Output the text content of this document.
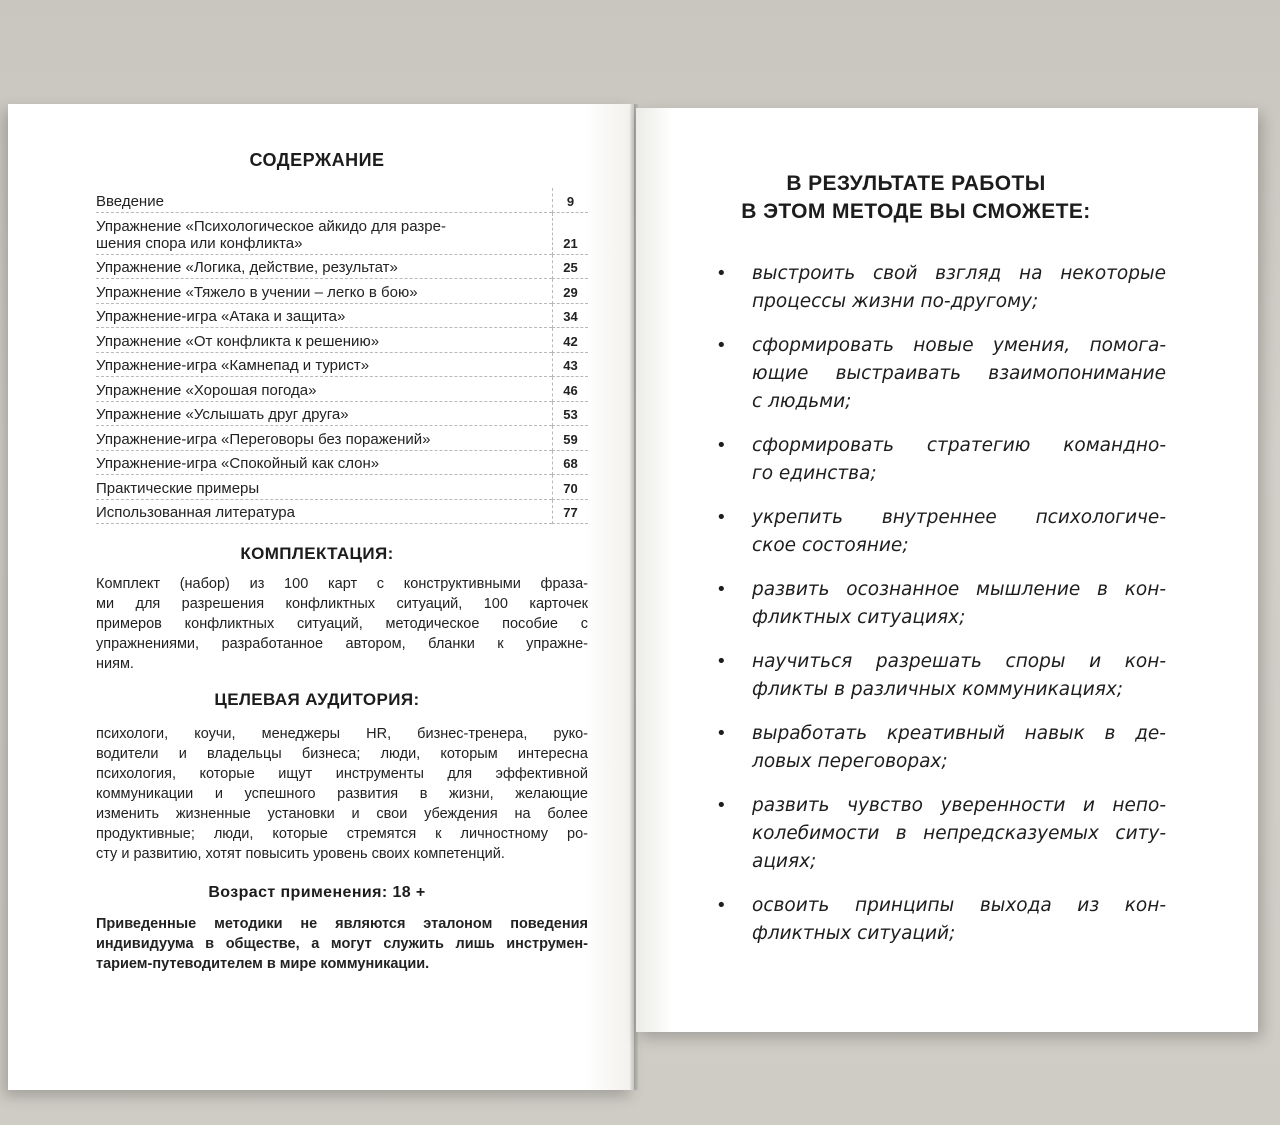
СОДЕРЖАНИЕ
Введение	9
Упражнение «Психологическое айкидо для разре-
шения спора или конфликта»	21
Упражнение «Логика, действие, результат»	25
Упражнение «Тяжело в учении – легко в бою»	29
Упражнение-игра «Атака и защита»	34
Упражнение «От конфликта к решению»	42
Упражнение-игра «Камнепад и турист»	43
Упражнение «Хорошая погода»	46
Упражнение «Услышать друг друга»	53
Упражнение-игра «Переговоры без поражений»	59
Упражнение-игра «Спокойный как слон»	68
Практические примеры	70
Использованная литература	77
КОМПЛЕКТАЦИЯ:
Комплект (набор) из 100 карт с конструктивными фраза-
ми для разрешения конфликтных ситуаций, 100 карточек
примеров конфликтных ситуаций, методическое пособие с
упражнениями, разработанное автором, бланки к упражне-
ниям.
ЦЕЛЕВАЯ АУДИТОРИЯ:
психологи, коучи, менеджеры HR, бизнес-тренера, руко-
водители и владельцы бизнеса; люди, которым интересна
психология, которые ищут инструменты для эффективной
коммуникации и успешного развития в жизни, желающие
изменить жизненные установки и свои убеждения на более
продуктивные; люди, которые стремятся к личностному ро-
сту и развитию, хотят повысить уровень своих компетенций.
Возраст применения: 18 +
Приведенные методики не являются эталоном поведения
индивидуума в обществе, а могут служить лишь инструмен-
тарием-путеводителем в мире коммуникации.
В РЕЗУЛЬТАТЕ РАБОТЫ
В ЭТОМ МЕТОДЕ ВЫ СМОЖЕТЕ:
• выстроить свой взгляд на некоторые
процессы жизни по-другому;
• сформировать новые умения, помога-
ющие выстраивать взаимопонимание
с людьми;
• сформировать стратегию командно-
го единства;
• укрепить внутреннее психологиче-
ское состояние;
• развить осознанное мышление в кон-
фликтных ситуациях;
• научиться разрешать споры и кон-
фликты в различных коммуникациях;
• выработать креативный навык в де-
ловых переговорах;
• развить чувство уверенности и непо-
колебимости в непредсказуемых ситу-
ациях;
• освоить принципы выхода из кон-
фликтных ситуаций;
